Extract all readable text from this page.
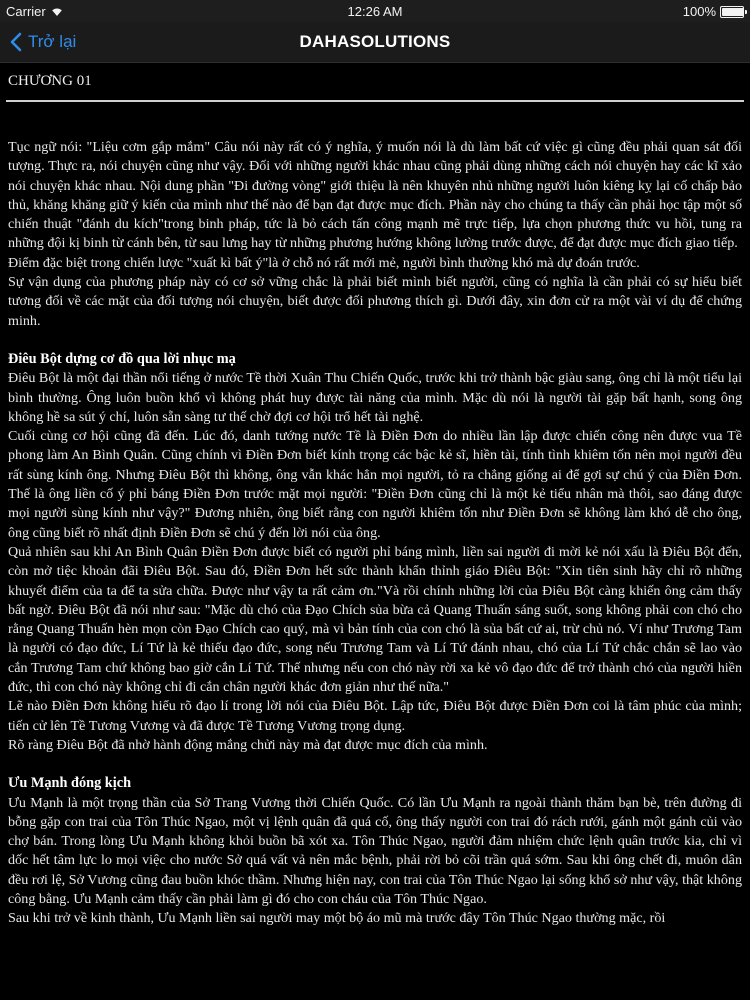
Carrier	12:26 AM	100%
Trở lại	DAHASOLUTIONS
CHƯƠNG 01

Tục ngữ nói: "Liệu cơm gắp mắm" Câu nói này rất có ý nghĩa, ý muốn nói là dù làm bất cứ việc gì cũng đều phải quan sát đối tượng. Thực ra, nói chuyện cũng như vậy. Đối với những người khác nhau cũng phải dùng những cách nói chuyện hay các kĩ xảo nói chuyện khác nhau. Nội dung phần "Đi đường vòng" giới thiệu là nên khuyên nhủ những người luôn kiêng kỵ lại cố chấp bảo thủ, khăng khăng giữ ý kiến của mình như thế nào để bạn đạt được mục đích. Phần này cho chúng ta thấy cần phải học tập một số chiến thuật "đánh du kích"trong binh pháp, tức là bỏ cách tấn công mạnh mẽ trực tiếp, lựa chọn phương thức vu hồi, tung ra những đội kị binh từ cánh bên, từ sau lưng hay từ những phương hướng không lường trước được, để đạt được mục đích giao tiếp.

Điểm đặc biệt trong chiến lược "xuất kì bất ý"là ở chỗ nó rất mới mẻ, người bình thường khó mà dự đoán trước.

Sự vận dụng của phương pháp này có cơ sở vững chắc là phải biết mình biết người, cũng có nghĩa là cần phải có sự hiểu biết tương đối về các mặt của đối tượng nói chuyện, biết được đối phương thích gì. Dưới đây, xin đơn cử ra một vài ví dụ để chứng minh.

Điêu Bột dựng cơ đồ qua lời nhục mạ

Điêu Bột là một đại thần nổi tiếng ở nước Tề thời Xuân Thu Chiến Quốc, trước khi trở thành bậc giàu sang, ông chỉ là một tiểu lại bình thường. Ông luôn buồn khổ vì không phát huy được tài năng của mình. Mặc dù nói là người tài gặp bất hạnh, song ông không hề sa sút ý chí, luôn sẵn sàng tư thế chờ đợi cơ hội trổ hết tài nghệ.

Cuối cùng cơ hội cũng đã đến. Lúc đó, danh tướng nước Tề là Điền Đơn do nhiều lần lập được chiến công nên được vua Tề phong làm An Bình Quân. Cũng chính vì Điền Đơn biết kính trọng các bậc kẻ sĩ, hiền tài, tính tình khiêm tốn nên mọi người đều rất sùng kính ông. Nhưng Điêu Bột thì không, ông vẫn khác hẳn mọi người, tỏ ra chẳng giống ai để gợi sự chú ý của Điền Đơn. Thế là ông liền cố ý phỉ báng Điền Đơn trước mặt mọi người: "Điền Đơn cũng chỉ là một kẻ tiểu nhân mà thôi, sao đáng được mọi người sùng kính như vậy?" Đương nhiên, ông biết rằng con người khiêm tốn như Điền Đơn sẽ không làm khó dễ cho ông, ông cũng biết rõ nhất định Điền Đơn sẽ chú ý đến lời nói của ông.

Quả nhiên sau khi An Bình Quân Điền Đơn được biết có người phỉ báng mình, liền sai người đi mời kẻ nói xấu là Điêu Bột đến, còn mở tiệc khoản đãi Điêu Bột. Sau đó, Điền Đơn hết sức thành khẩn thỉnh giáo Điêu Bột: "Xin tiên sinh hãy chỉ rõ những khuyết điểm của ta để ta sửa chữa. Được như vậy ta rất cảm ơn."Và rồi chính những lời của Điêu Bột càng khiến ông cảm thấy bất ngờ. Điêu Bột đã nói như sau: "Mặc dù chó của Đạo Chích sủa bừa cả Quang Thuấn sáng suốt, song không phải con chó cho rằng Quang Thuấn hèn mọn còn Đạo Chích cao quý, mà vì bản tính của con chó là sủa bất cứ ai, trừ chủ nó. Ví như Trương Tam là người có đạo đức, Lí Tứ là kẻ thiếu đạo đức, song nếu Trương Tam và Lí Tứ đánh nhau, chó của Lí Tứ chắc chắn sẽ lao vào cắn Trương Tam chứ không bao giờ cắn Lí Tứ. Thế nhưng nếu con chó này rời xa kẻ vô đạo đức để trở thành chó của người hiền đức, thì con chó này không chỉ đi cắn chân người khác đơn giản như thế nữa."

Lẽ nào Điền Đơn không hiểu rõ đạo lí trong lời nói của Điêu Bột. Lập tức, Điêu Bột được Điền Đơn coi là tâm phúc của mình; tiến cử lên Tề Tương Vương và đã được Tề Tương Vương trọng dụng.

Rõ ràng Điêu Bột đã nhờ hành động mắng chửi này mà đạt được mục đích của mình.

Ưu Mạnh đóng kịch

Ưu Mạnh là một trọng thần của Sở Trang Vương thời Chiến Quốc. Có lần Ưu Mạnh ra ngoài thành thăm bạn bè, trên đường đi bỗng gặp con trai của Tôn Thúc Ngao, một vị lệnh quân đã quá cố, ông thấy người con trai đó rách rưới, gánh một gánh củi vào chợ bán. Trong lòng Ưu Mạnh không khỏi buồn bã xót xa. Tôn Thúc Ngao, người đảm nhiệm chức lệnh quân trước kia, chỉ vì dốc hết tâm lực lo mọi việc cho nước Sở quá vất vả nên mắc bệnh, phải rời bỏ cõi trần quá sớm. Sau khi ông chết đi, muôn dân đều rơi lệ, Sở Vương cũng đau buồn khóc thầm. Nhưng hiện nay, con trai của Tôn Thúc Ngao lại sống khổ sở như vậy, thật không công bằng. Ưu Mạnh cảm thấy cần phải làm gì đó cho con cháu của Tôn Thúc Ngao.

Sau khi trở về kinh thành, Ưu Mạnh liền sai người may một bộ áo mũ mà trước đây Tôn Thúc Ngao thường mặc, rồi
